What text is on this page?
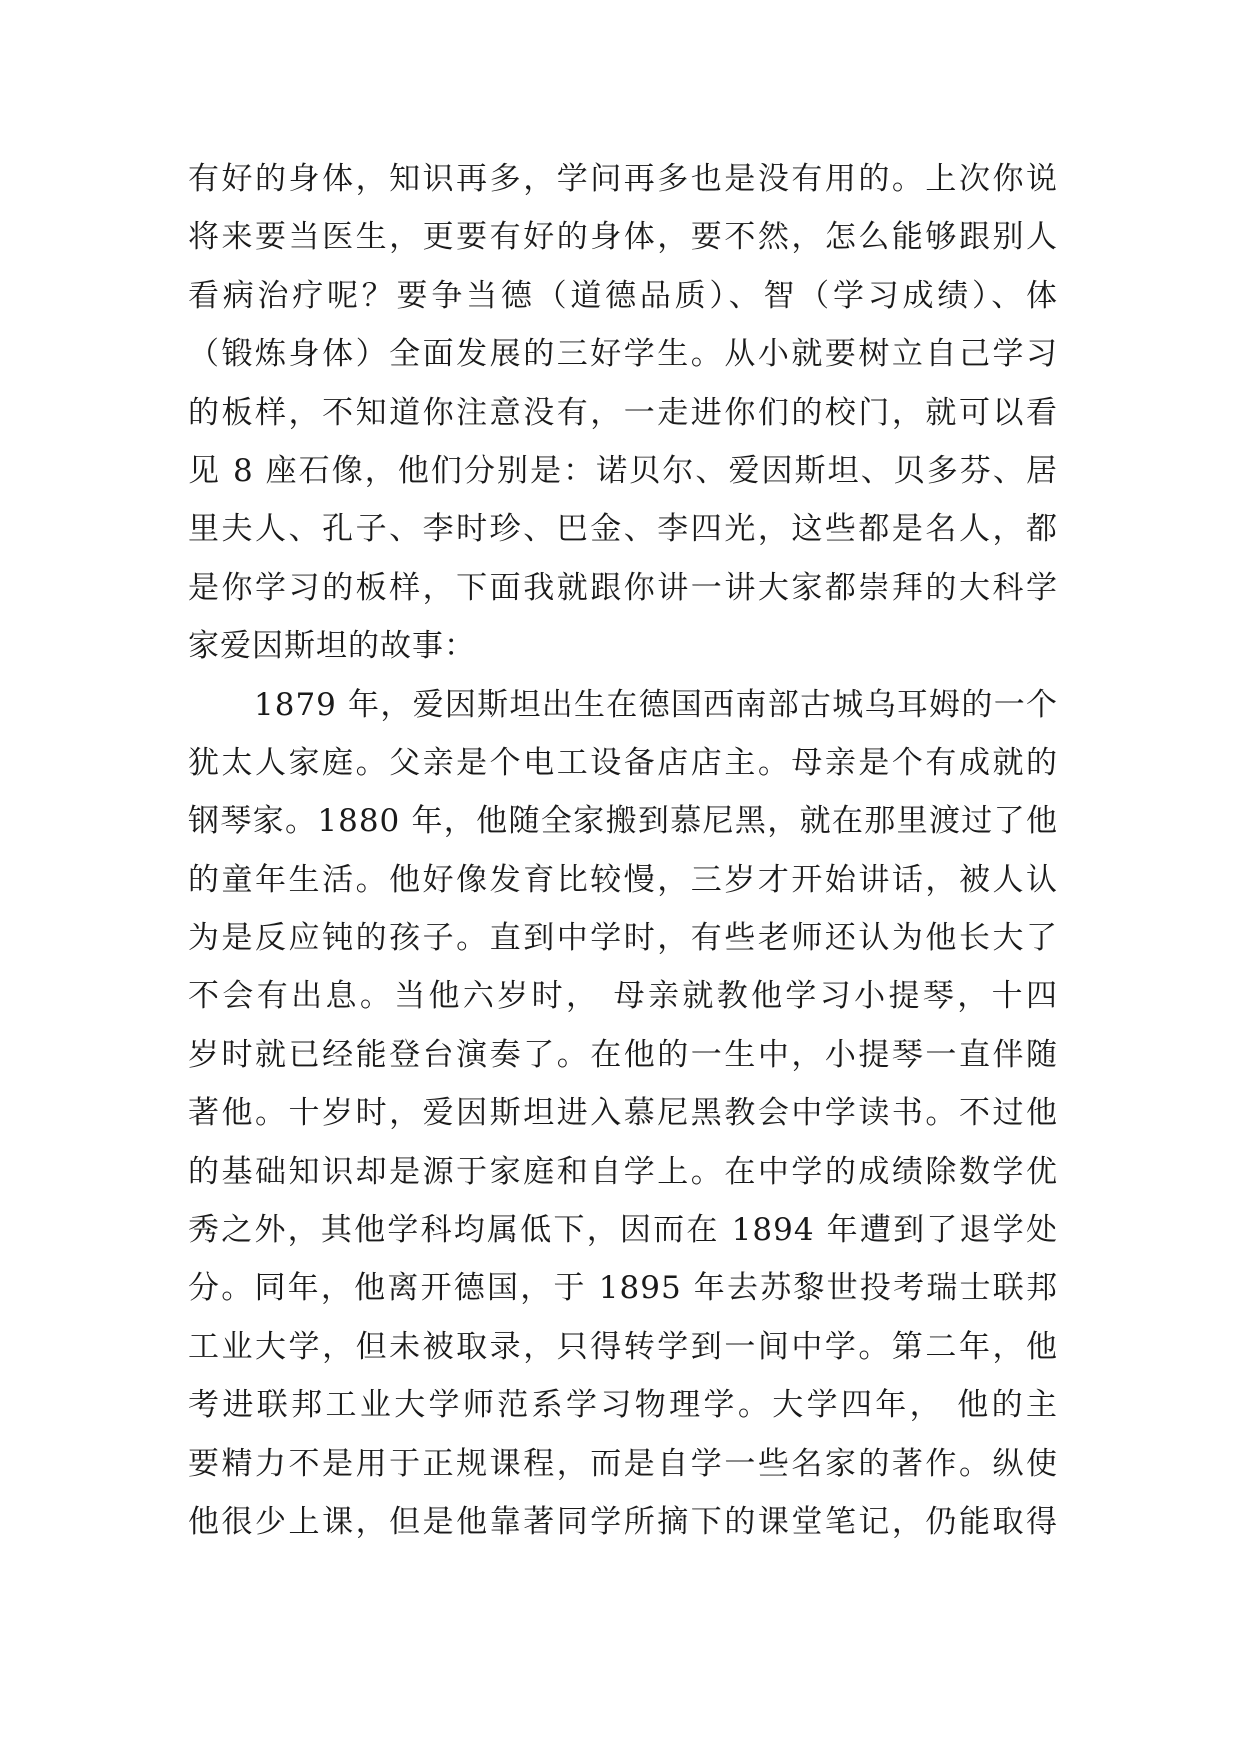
有好的身体，知识再多，学问再多也是没有用的。上次你说
将来要当医生，更要有好的身体，要不然，怎么能够跟别人
看病治疗呢？要争当德（道德品质）、智（学习成绩）、体
（锻炼身体）全面发展的三好学生。从小就要树立自己学习
的板样，不知道你注意没有，一走进你们的校门，就可以看
见 8 座石像，他们分别是：诺贝尔、爱因斯坦、贝多芬、居
里夫人、孔子、李时珍、巴金、李四光，这些都是名人，都
是你学习的板样，下面我就跟你讲一讲大家都崇拜的大科学
家爱因斯坦的故事：
1879 年，爱因斯坦出生在德国西南部古城乌耳姆的一个
犹太人家庭。父亲是个电工设备店店主。母亲是个有成就的
钢琴家。1880 年，他随全家搬到慕尼黑，就在那里渡过了他
的童年生活。他好像发育比较慢，三岁才开始讲话，被人认
为是反应钝的孩子。直到中学时，有些老师还认为他长大了
不会有出息。当他六岁时， 母亲就教他学习小提琴，十四
岁时就已经能登台演奏了。在他的一生中，小提琴一直伴随
著他。十岁时，爱因斯坦进入慕尼黑教会中学读书。不过他
的基础知识却是源于家庭和自学上。在中学的成绩除数学优
秀之外，其他学科均属低下，因而在 1894 年遭到了退学处
分。同年，他离开德国，于 1895 年去苏黎世投考瑞士联邦
工业大学，但未被取录，只得转学到一间中学。第二年，他
考进联邦工业大学师范系学习物理学。大学四年， 他的主
要精力不是用于正规课程，而是自学一些名家的著作。纵使
他很少上课，但是他靠著同学所摘下的课堂笔记，仍能取得
